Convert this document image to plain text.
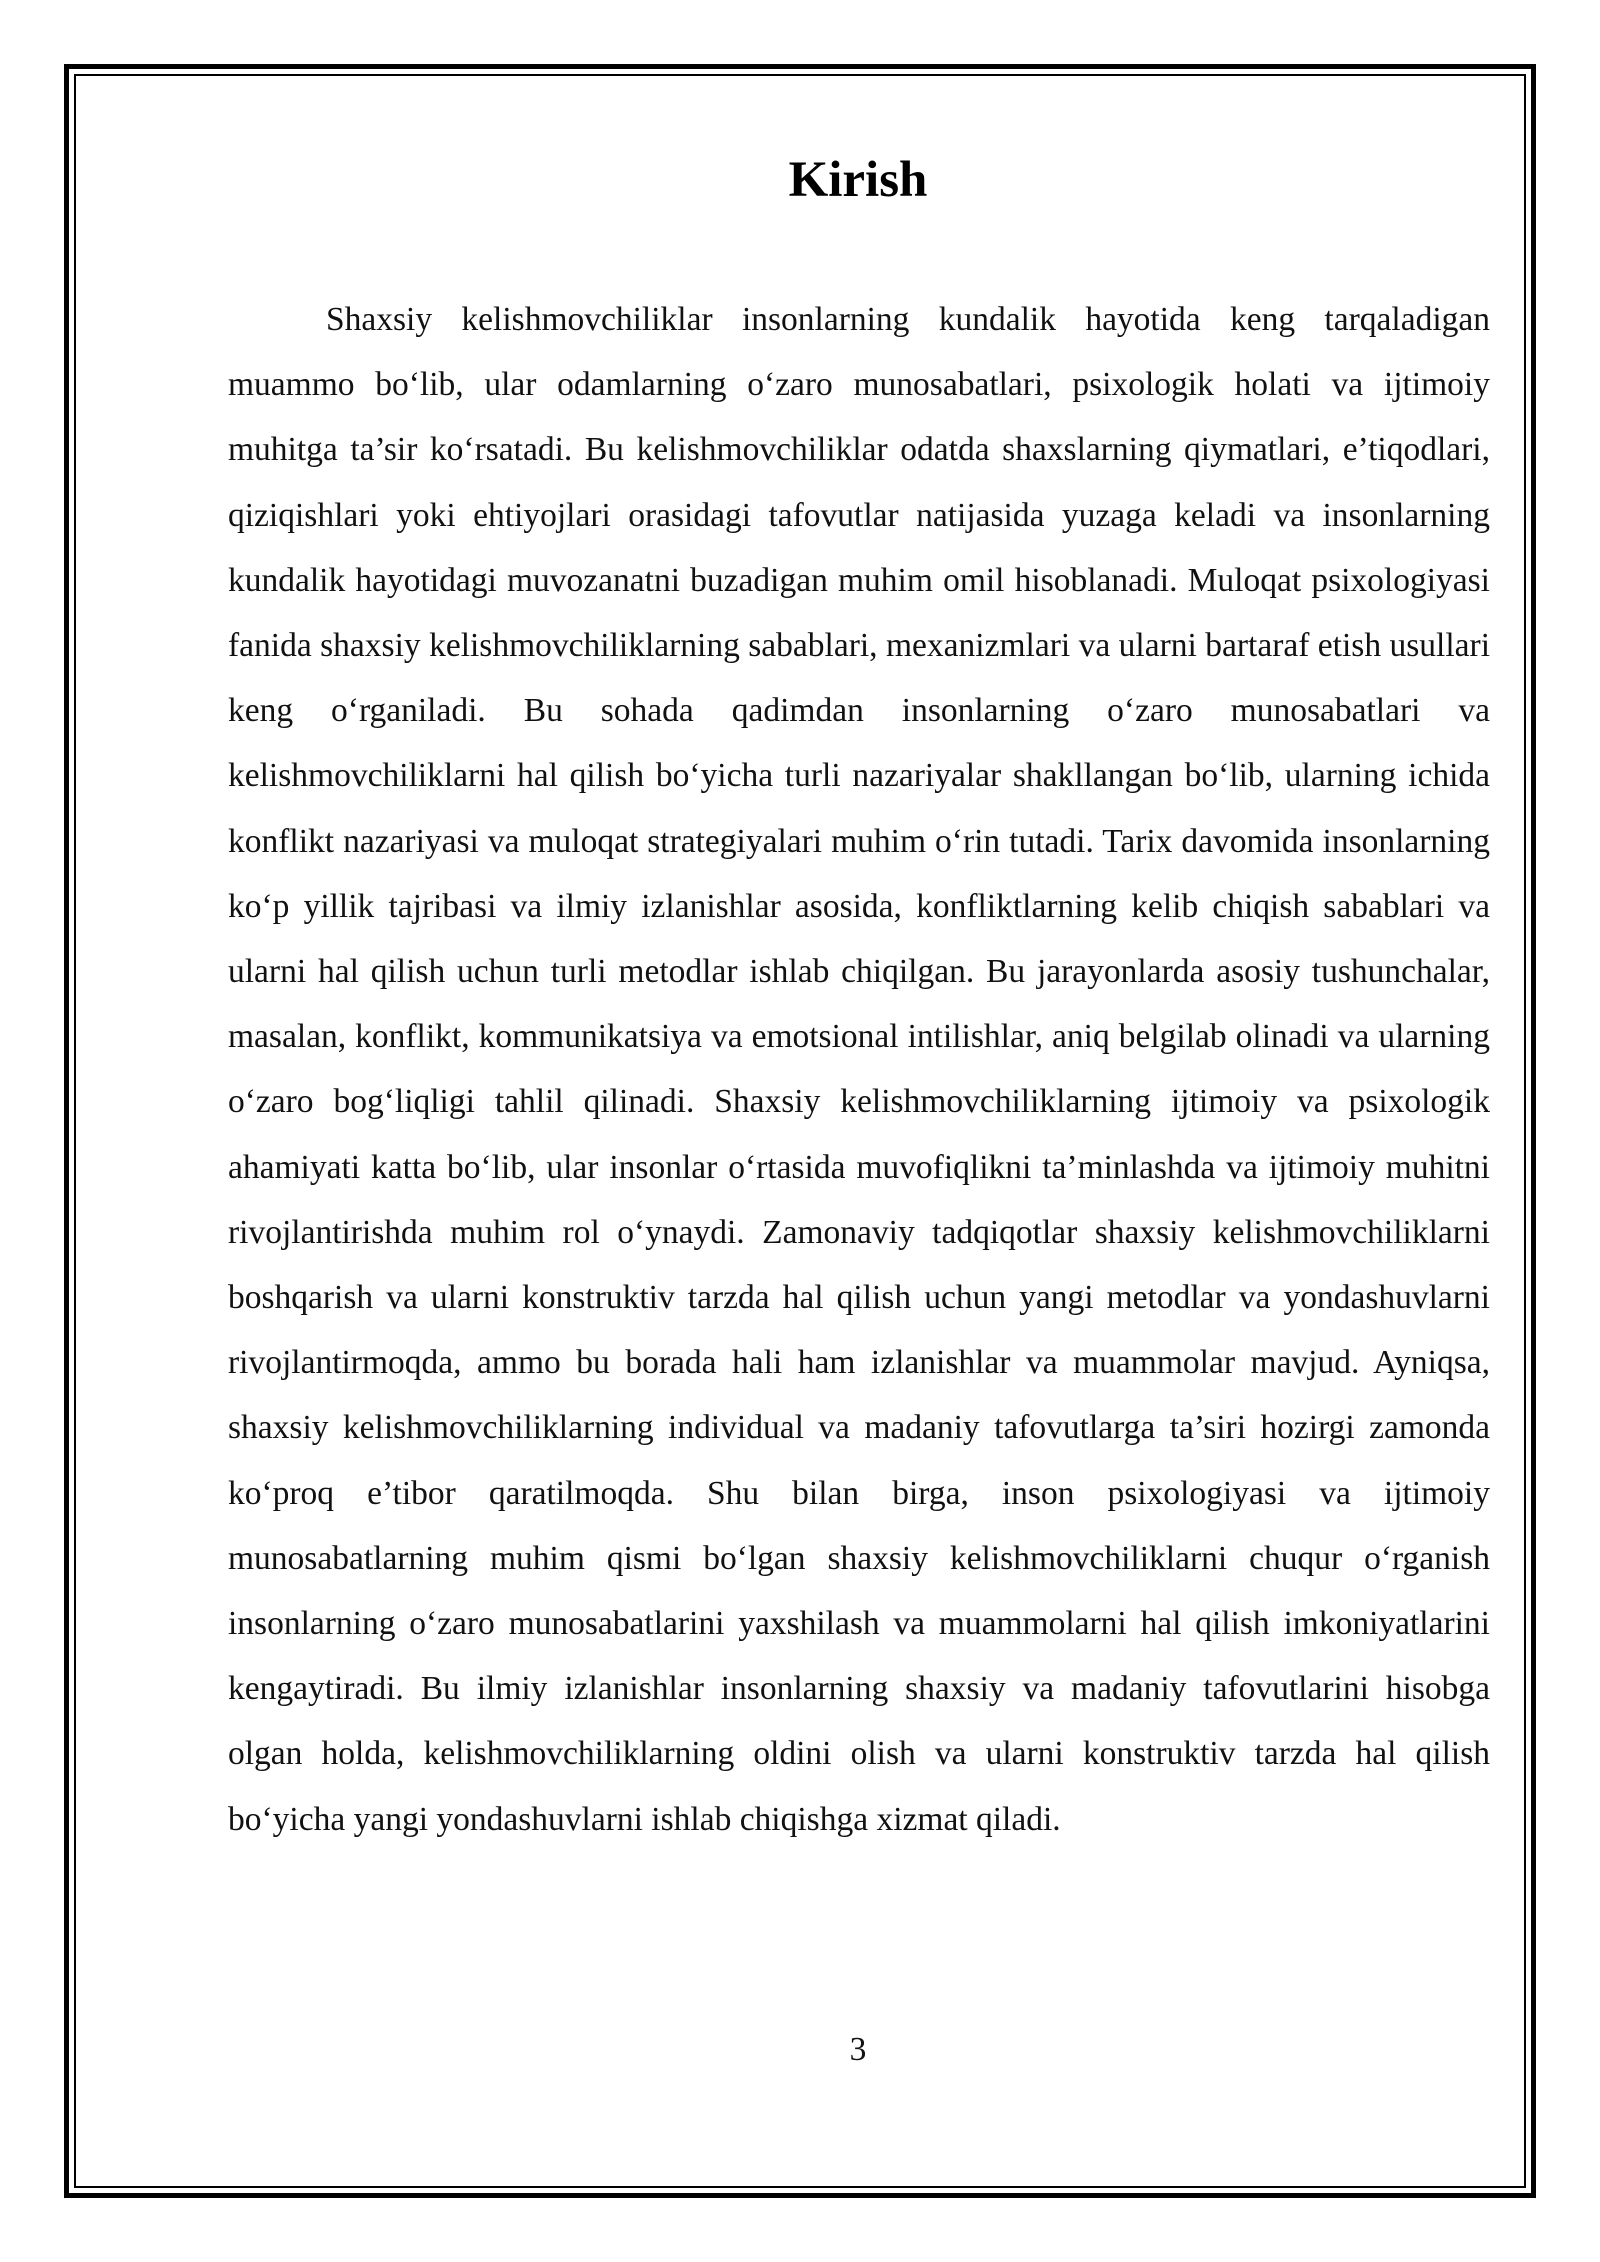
Kirish

Shaxsiy kelishmovchiliklar insonlarning kundalik hayotida keng tarqaladigan muammo bo‘lib, ular odamlarning o‘zaro munosabatlari, psixologik holati va ijtimoiy muhitga ta’sir ko‘rsatadi. Bu kelishmovchiliklar odatda shaxslarning qiymatlari, e’tiqodlari, qiziqishlari yoki ehtiyojlari orasidagi tafovutlar natijasida yuzaga keladi va insonlarning kundalik hayotidagi muvozanatni buzadigan muhim omil hisoblanadi. Muloqat psixologiyasi fanida shaxsiy kelishmovchiliklarning sabablari, mexanizmlari va ularni bartaraf etish usullari keng o‘rganiladi. Bu sohada qadimdan insonlarning o‘zaro munosabatlari va kelishmovchiliklarni hal qilish bo‘yicha turli nazariyalar shakllangan bo‘lib, ularning ichida konflikt nazariyasi va muloqat strategiyalari muhim o‘rin tutadi. Tarix davomida insonlarning ko‘p yillik tajribasi va ilmiy izlanishlar asosida, konfliktlarning kelib chiqish sabablari va ularni hal qilish uchun turli metodlar ishlab chiqilgan. Bu jarayonlarda asosiy tushunchalar, masalan, konflikt, kommunikatsiya va emotsional intilishlar, aniq belgilab olinadi va ularning o‘zaro bog‘liqligi tahlil qilinadi. Shaxsiy kelishmovchiliklarning ijtimoiy va psixologik ahamiyati katta bo‘lib, ular insonlar o‘rtasida muvofiqlikni ta’minlashda va ijtimoiy muhitni rivojlantirishda muhim rol o‘ynaydi. Zamonaviy tadqiqotlar shaxsiy kelishmovchiliklarni boshqarish va ularni konstruktiv tarzda hal qilish uchun yangi metodlar va yondashuvlarni rivojlantirmoqda, ammo bu borada hali ham izlanishlar va muammolar mavjud. Ayniqsa, shaxsiy kelishmovchiliklarning individual va madaniy tafovutlarga ta’siri hozirgi zamonda ko‘proq e’tibor qaratilmoqda. Shu bilan birga, inson psixologiyasi va ijtimoiy munosabatlarning muhim qismi bo‘lgan shaxsiy kelishmovchiliklarni chuqur o‘rganish insonlarning o‘zaro munosabatlarini yaxshilash va muammolarni hal qilish imkoniyatlarini kengaytiradi. Bu ilmiy izlanishlar insonlarning shaxsiy va madaniy tafovutlarini hisobga olgan holda, kelishmovchiliklarning oldini olish va ularni konstruktiv tarzda hal qilish bo‘yicha yangi yondashuvlarni ishlab chiqishga xizmat qiladi.

3
